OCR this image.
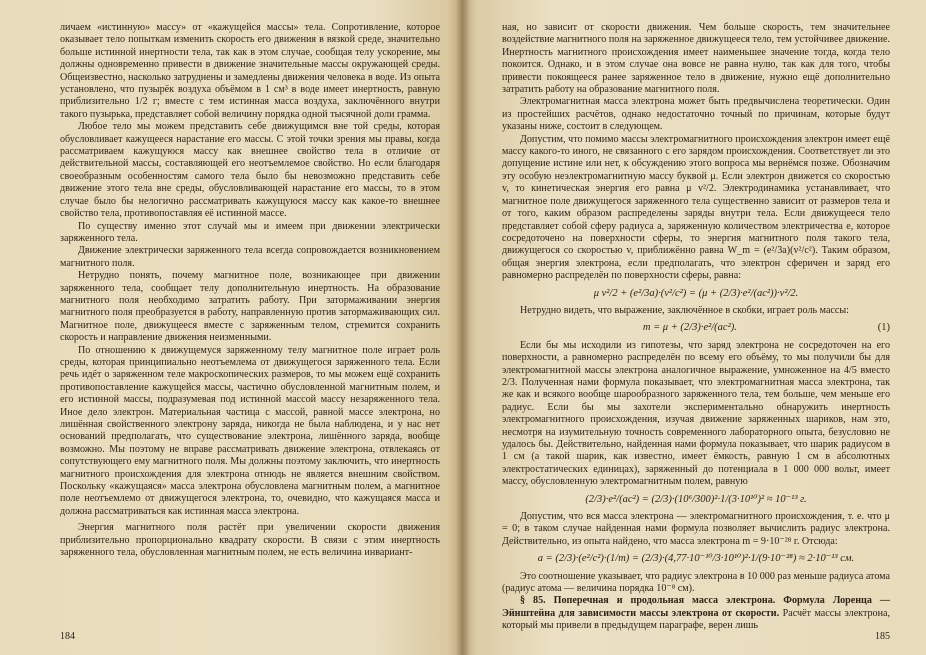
личаем «истинную» массу» от «кажущейся массы» тела. Сопротивление, которое оказывает тело попыткам изменить скорость его движения в вязкой среде, значительно больше истинной инертности тела, так как в этом случае, сообщая телу ускорение, мы должны одновременно привести в движение значительные массы окружающей среды. Общеизвестно, насколько затруднены и замедлены движения человека в воде. Из опыта установлено, что пузырёк воздуха объёмом в 1 см³ в воде имеет инертность, равную приблизительно 1/2 г; вместе с тем истинная масса воздуха, заключённого внутри такого пузырька, представляет собой величину порядка одной тысячной доли грамма.

Любое тело мы можем представить себе движущимся вне той среды, которая обусловливает кажущееся нарастание его массы. С этой точки зрения мы правы, когда рассматриваем кажущуюся массу как внешнее свойство тела в отличие от действительной массы, составляющей его неотъемлемое свойство. Но если благодаря своеобразным особенностям самого тела было бы невозможно представить себе движение этого тела вне среды, обусловливающей нарастание его массы, то в этом случае было бы нелогично рассматривать кажущуюся массу как какое-то внешнее свойство тела, противопоставляя её истинной массе.

По существу именно этот случай мы и имеем при движении электрически заряженного тела.

Движение электрически заряженного тела всегда сопровождается возникновением магнитного поля.

Нетрудно понять, почему магнитное поле, возникающее при движении заряженного тела, сообщает телу дополнительную инертность. На образование магнитного поля необходимо затратить работу. При затормаживании энергия магнитного поля преобразуется в работу, направленную против затормаживающих сил. Магнитное поле, движущееся вместе с заряженным телом, стремится сохранить скорость и направление движения неизменными.

По отношению к движущемуся заряженному телу магнитное поле играет роль среды, которая принципиально неотъемлема от движущегося заряженного тела. Если речь идёт о заряженном теле макроскопических размеров, то мы можем ещё сохранить противопоставление кажущейся массы, частично обусловленной магнитным полем, и его истинной массы, подразумевая под истинной массой массу незаряженного тела. Иное дело электрон. Материальная частица с массой, равной массе электрона, но лишённая свойственного электрону заряда, никогда не была наблюдена, и у нас нет оснований предполагать, что существование электрона, лишённого заряда, вообще возможно. Мы поэтому не вправе рассматривать движение электрона, отвлекаясь от сопутствующего ему магнитного поля. Мы должны поэтому заключить, что инертность магнитного происхождения для электрона отнюдь не является внешним свойством. Поскольку «кажущаяся» масса электрона обусловлена магнитным полем, а магнитное поле неотъемлемо от движущегося электрона, то, очевидно, что кажущаяся масса и должна рассматриваться как истинная масса электрона.

Энергия магнитного поля растёт при увеличении скорости движения приблизительно пропорционально квадрату скорости. В связи с этим инертность заряженного тела, обусловленная магнитным полем, не есть величина инвариант-

184

ная, но зависит от скорости движения. Чем больше скорость, тем значительнее воздействие магнитного поля на заряженное движущееся тело, тем устойчивее движение. Инертность магнитного происхождения имеет наименьшее значение тогда, когда тело покоится. Однако, и в этом случае она вовсе не равна нулю, так как для того, чтобы привести покоящееся ранее заряженное тело в движение, нужно ещё дополнительно затратить работу на образование магнитного поля.

Электромагнитная масса электрона может быть предвычислена теоретически. Один из простейших расчётов, однако недостаточно точный по причинам, которые будут указаны ниже, состоит в следующем.

Допустим, что помимо массы электромагнитного происхождения электрон имеет ещё массу какого-то иного, не связанного с его зарядом происхождения. Соответствует ли это допущение истине или нет, к обсуждению этого вопроса мы вернёмся позже. Обозначим эту особую неэлектромагнитную массу буквой μ. Если электрон движется со скоростью v, то кинетическая энергия его равна μ v²/2. Электродинамика устанавливает, что магнитное поле движущегося заряженного тела существенно зависит от размеров тела и от того, каким образом распределены заряды внутри тела. Если движущееся тело представляет собой сферу радиуса a, заряженную количеством электричества e, которое сосредоточено на поверхности сферы, то энергия магнитного поля такого тела, движущегося со скоростью v, приближённо равна W_m = (e²/3a)(v²/c²). Таким образом, общая энергия электрона, если предполагать, что электрон сферичен и заряд его равномерно распределён по поверхности сферы, равна:

μ v²/2 + (e²/3a)·(v²/c²) = (μ + (2/3)·e²/(ac²))·v²/2.

Нетрудно видеть, что выражение, заключённое в скобки, играет роль массы:

m = μ + (2/3)·e²/(ac²).	(1)

Если бы мы исходили из гипотезы, что заряд электрона не сосредоточен на его поверхности, а равномерно распределён по всему его объёму, то мы получили бы для электромагнитной массы электрона аналогичное выражение, умноженное на 4/5 вместо 2/3. Полученная нами формула показывает, что электромагнитная масса электрона, так же как и всякого вообще шарообразного заряженного тела, тем больше, чем меньше его радиус. Если бы мы захотели экспериментально обнаружить инертность электромагнитного происхождения, изучая движение заряженных шариков, нам это, несмотря на изумительную точность современного лабораторного опыта, безусловно не удалось бы. Действительно, найденная нами формула показывает, что шарик радиусом в 1 см (а такой шарик, как известно, имеет ёмкость, равную 1 см в абсолютных электростатических единицах), заряженный до потенциала в 1 000 000 вольт, имеет массу, обусловленную электромагнитным полем, равную

(2/3)·e²/(ac²) = (2/3)·(10⁶/300)²·1/(3·10¹⁰)² ≈ 10⁻¹³ г.

Допустим, что вся масса электрона — электромагнитного происхождения, т. е. что μ = 0; в таком случае найденная нами формула позволяет вычислить радиус электрона. Действительно, из опыта найдено, что масса электрона m = 9·10⁻²⁸ г. Отсюда:

a = (2/3)·(e²/c²)·(1/m) = (2/3)·(4,77·10⁻¹⁰/3·10¹⁰)²·1/(9·10⁻²⁸) ≈ 2·10⁻¹³ см.

Это соотношение указывает, что радиус электрона в 10 000 раз меньше радиуса атома (радиус атома — величина порядка 10⁻⁸ см).

§ 85. Поперечная и продольная масса электрона. Формула Лоренца — Эйнштейна для зависимости массы электрона от скорости. Расчёт массы электрона, который мы привели в предыдущем параграфе, верен лишь

185
